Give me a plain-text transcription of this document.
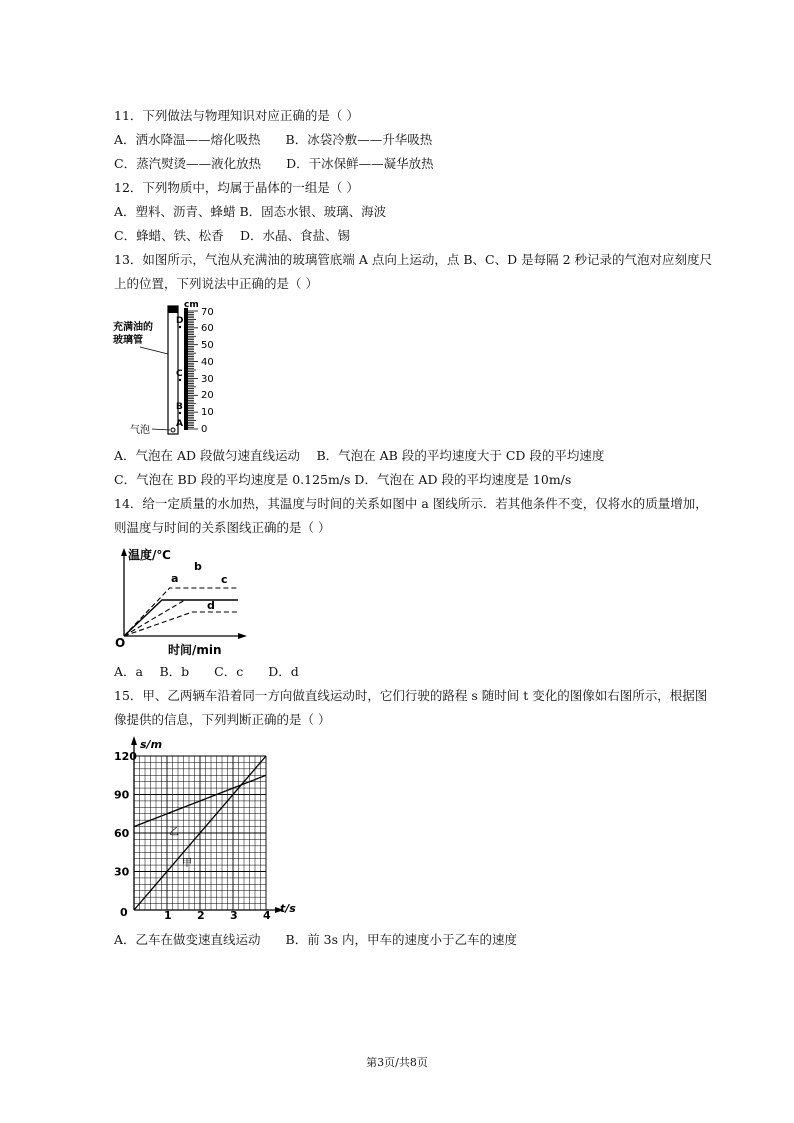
11．下列做法与物理知识对应正确的是（ ）
A．洒水降温——熔化吸热　　B．冰袋冷敷——升华吸热
C．蒸汽熨烫——液化放热　　D．干冰保鲜——凝华放热
12．下列物质中，均属于晶体的一组是（ ）
A．塑料、沥青、蜂蜡 B．固态水银、玻璃、海波
C．蜂蜡、铁、松香　 D．水晶、食盐、锡
13．如图所示，气泡从充满油的玻璃管底端 A 点向上运动，点 B、C、D 是每隔 2 秒记录的气泡对应刻度尺
上的位置，下列说法中正确的是（ ）
cm
70
60
50
40
30
20
10
0
D
C
B
A
充满油的
玻璃管
气泡
A．气泡在 AD 段做匀速直线运动　 B．气泡在 AB 段的平均速度大于 CD 段的平均速度
C．气泡在 BD 段的平均速度是 0.125m/s D．气泡在 AD 段的平均速度是 10m/s
14．给一定质量的水加热，其温度与时间的关系如图中 a 图线所示．若其他条件不变，仅将水的质量增加，
则温度与时间的关系图线正确的是（ ）
温度/℃
时间/min
O
b
a	c
d
A．a　 B．b　　C．c　　D．d
15．甲、乙两辆车沿着同一方向做直线运动时，它们行驶的路程 s 随时间 t 变化的图像如右图所示，根据图
像提供的信息，下列判断正确的是（ ）
s/m
t/s
0
120
90
60
30
1 2 3 4
乙
甲
A．乙车在做变速直线运动　　B．前 3s 内，甲车的速度小于乙车的速度
第3页/共8页
